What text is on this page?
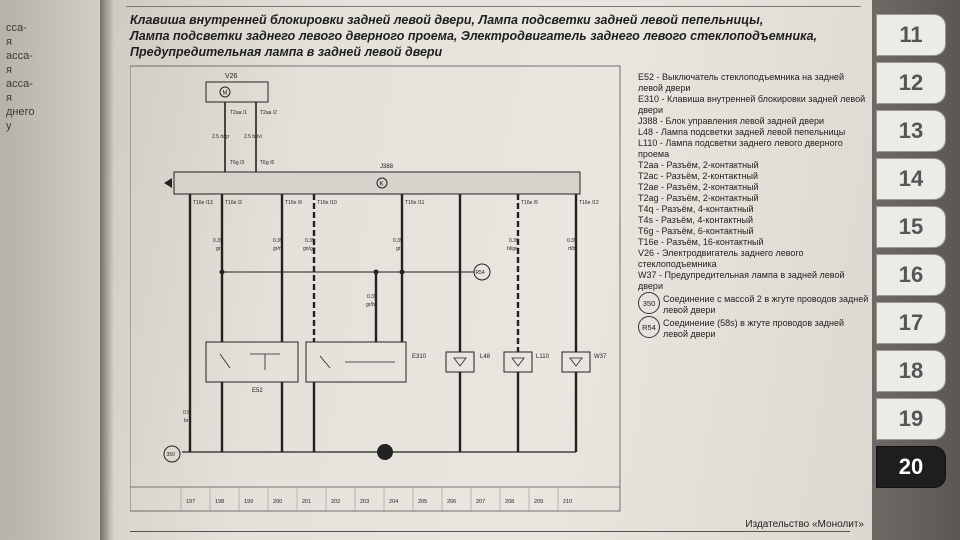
сса-
я
асса-
я
асса-
я
днего
у
Клавиша внутренней блокировки задней левой двери, Лампа подсветки задней левой пепельницы,
Лампа подсветки заднего левого дверного проема, Электродвигатель заднего левого стеклоподъемника,
Предупредительная лампа в задней левой двери
V26
M
T2aa /1	T2aa /2
2.5 rt/gr	2.5 br/vi
T6g /3	T6g /6
J388
K
R54
T16e /13 T16e /2	T16e /9	T16e /10	T16e /11	T16e /5	T16e /12
0.35
gr
0.35
gr/rt
0.35
gn/ge
0.35
gr/bl
0.35
gr
0.35
bl/ge
0.35
rt/bl
0.5
br
E52
E310	L48	L110	W37
350
197	198	199	200	201	202	203	204	205	206	207	208	209	210
E52 - Выключатель стеклоподъемника на задней левой двери
E310 - Клавиша внутренней блокировки задней левой двери
J388 - Блок управления левой задней двери
L48 - Лампа подсветки задней левой пепельницы
L110 - Лампа подсветки заднего левого дверного проема
T2aa - Разъём, 2-контактный
T2ac - Разъём, 2-контактный
T2ae - Разъём, 2-контактный
T2ag - Разъём, 2-контактный
T4q - Разъём, 4-контактный
T4s - Разъём, 4-контактный
T6g - Разъём, 6-контактный
T16e - Разъём, 16-контактный
V26 - Электродвигатель заднего левого стеклоподъемника
W37 - Предупредительная лампа в задней левой двери
350 Соединение с массой 2 в жгуте проводов задней левой двери
R54 Соединение (58s) в жгуте проводов задней левой двери
Издательство «Монолит»
11
12
13
14
15
16
17
18
19
20
